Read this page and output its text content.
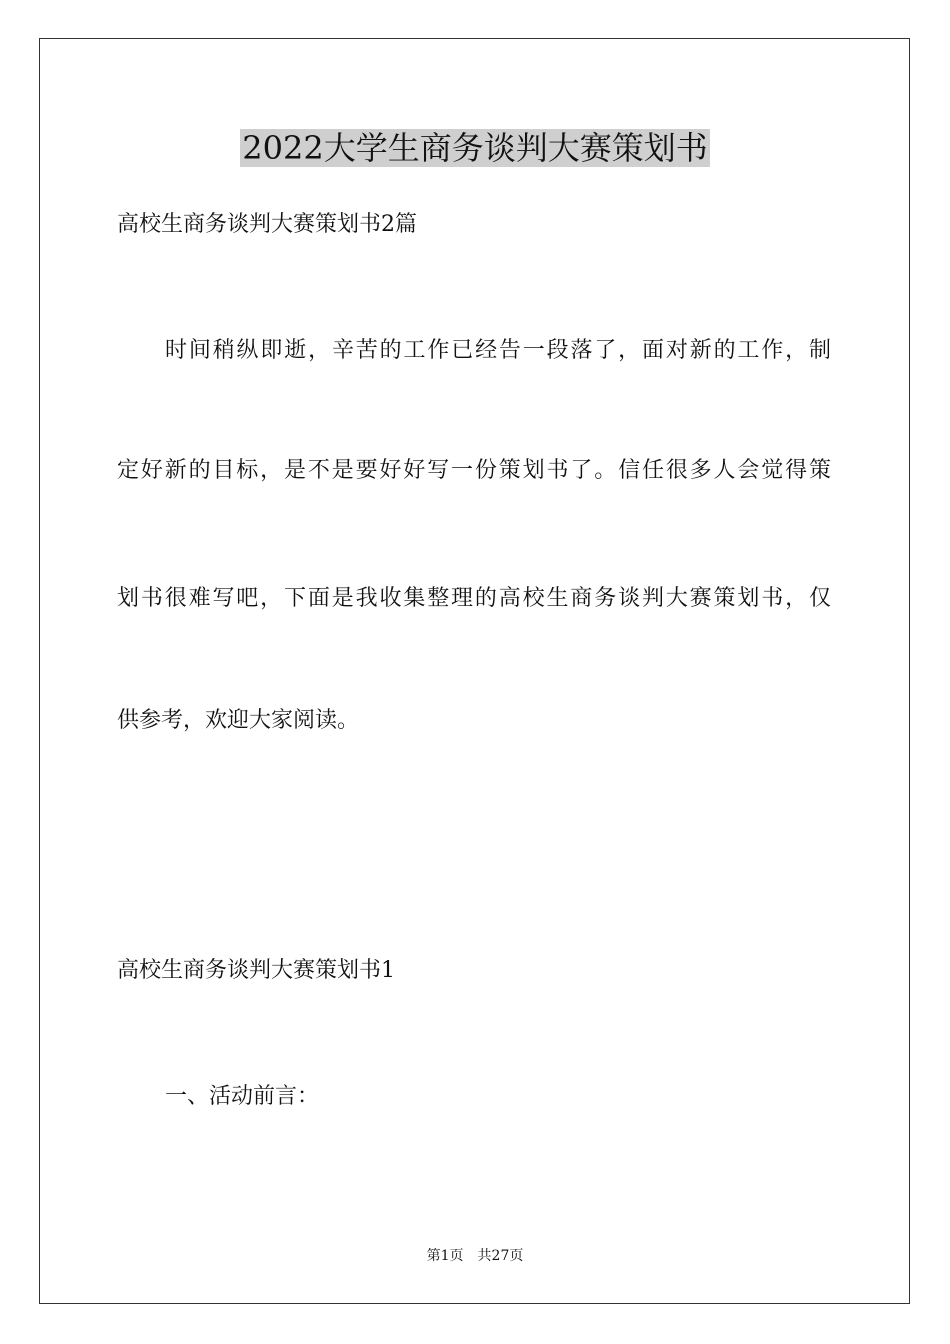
2022大学生商务谈判大赛策划书
高校生商务谈判大赛策划书2篇
时间稍纵即逝，辛苦的工作已经告一段落了，面对新的工作，制
定好新的目标，是不是要好好写一份策划书了。信任很多人会觉得策
划书很难写吧，下面是我收集整理的高校生商务谈判大赛策划书，仅
供参考，欢迎大家阅读。
高校生商务谈判大赛策划书1
一、活动前言：
第1页　共27页
